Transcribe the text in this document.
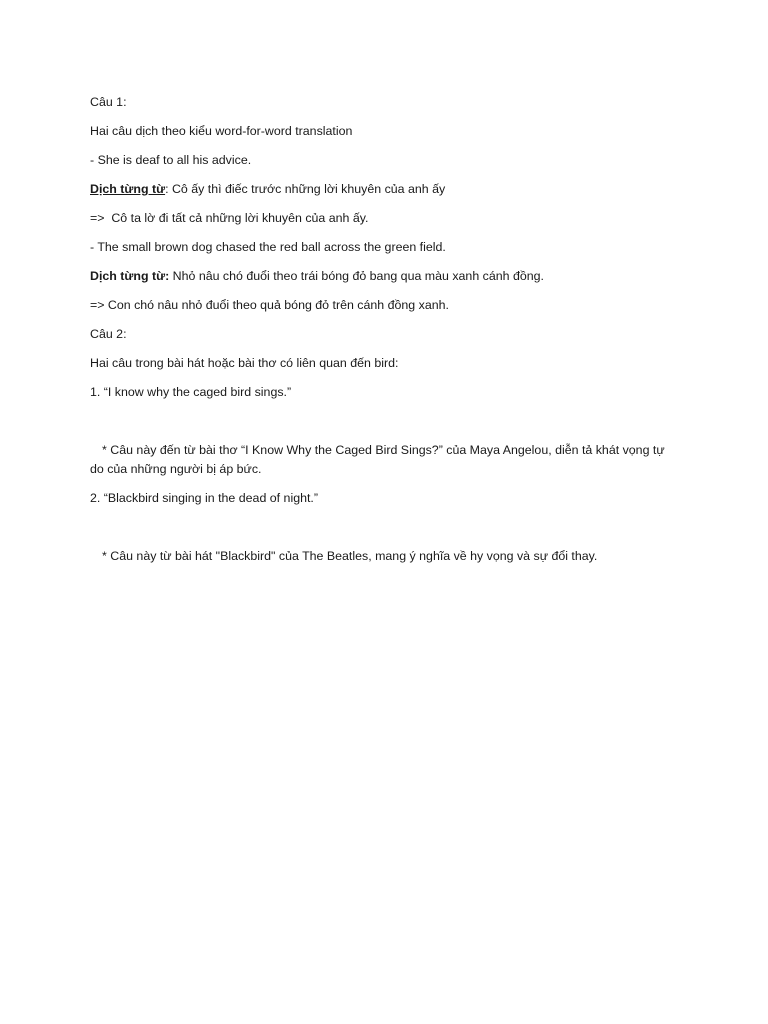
Câu 1:

Hai câu dịch theo kiểu word-for-word translation

- She is deaf to all his advice.

Dịch từng từ: Cô ấy thì điếc trước những lời khuyên của anh ấy

=>  Cô ta lờ đi tất cả những lời khuyên của anh ấy.

- The small brown dog chased the red ball across the green field.

Dịch từng từ: Nhỏ nâu chó đuổi theo trái bóng đỏ bang qua màu xanh cánh đồng.

=> Con chó nâu nhỏ đuổi theo quả bóng đỏ trên cánh đồng xanh.

Câu 2:

Hai câu trong bài hát hoặc bài thơ có liên quan đến bird:

1. “I know why the caged bird sings.”

* Câu này đến từ bài thơ “I Know Why the Caged Bird Sings?” của Maya Angelou, diễn tả khát vọng tự do của những người bị áp bức.

2. “Blackbird singing in the dead of night.”

* Câu này từ bài hát "Blackbird" của The Beatles, mang ý nghĩa về hy vọng và sự đổi thay.
